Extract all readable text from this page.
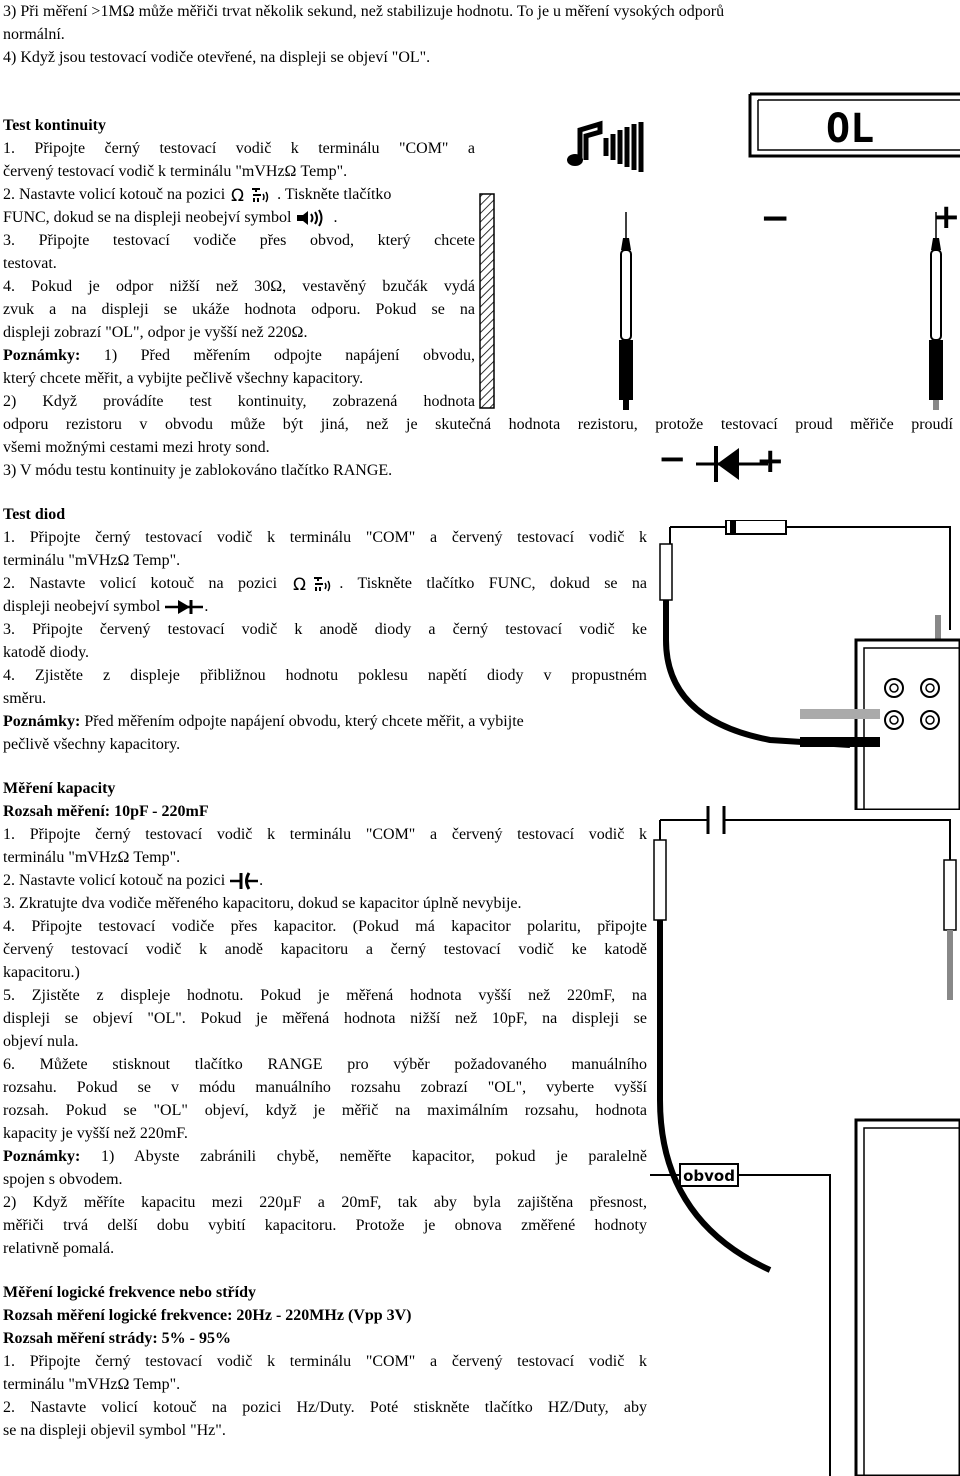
3) Při měření >1MΩ může měřiči trvat několik sekund, než stabilizuje hodnotu. To je u měření vysokých odporů
normální.
4) Když jsou testovací vodiče otevřené, na displeji se objeví "OL".
Test kontinuity
1. Připojte černý testovací vodič k terminálu "COM" a
červený testovací vodič k terminálu "mVHzΩ Temp".
2. Nastavte volicí kotouč na pozici Ω . Tiskněte tlačítko
FUNC, dokud se na displeji neobejví symbol	.
3. Připojte testovací vodiče přes obvod, který chcete
testovat.
4. Pokud je odpor nižší než 30Ω, vestavěný bzučák vydá
zvuk a na displeji se ukáže hodnota odporu. Pokud se na
displeji zobrazí "OL", odpor je vyšší než 220Ω.
Poznámky: 1) Před měřením odpojte napájení obvodu,
který chcete měřit, a vybijte pečlivě všechny kapacitory.
2) Když provádíte test kontinuity, zobrazená hodnota
odporu rezistoru v obvodu může být jiná, než je skutečná hodnota rezistoru, protože testovací proud měřiče proudí
všemi možnými cestami mezi hroty sond.
3) V módu testu kontinuity je zablokováno tlačítko RANGE.
Test diod
1. Připojte černý testovací vodič k terminálu "COM" a červený testovací vodič k
terminálu "mVHzΩ Temp".
2. Nastavte volicí kotouč na pozici Ω . Tiskněte tlačítko FUNC, dokud se na
displeji neobejví symbol	.
3. Připojte červený testovací vodič k anodě diody a černý testovací vodič ke
katodě diody.
4. Zjistěte z displeje přibližnou hodnotu poklesu napětí diody v propustném
směru.
Poznámky: Před měřením odpojte napájení obvodu, který chcete měřit, a vybijte
pečlivě všechny kapacitory.
Měření kapacity
Rozsah měření: 10pF - 220mF
1. Připojte černý testovací vodič k terminálu "COM" a červený testovací vodič k
terminálu "mVHzΩ Temp".
2. Nastavte volicí kotouč na pozici .
3. Zkratujte dva vodiče měřeného kapacitoru, dokud se kapacitor úplně nevybije.
4. Připojte testovací vodiče přes kapacitor. (Pokud má kapacitor polaritu, připojte
červený testovací vodič k anodě kapacitoru a černý testovací vodič ke katodě
kapacitoru.)
5. Zjistěte z displeje hodnotu. Pokud je měřená hodnota vyšší než 220mF, na
displeji se objeví "OL". Pokud je měřená hodnota nižší než 10pF, na displeji se
objeví nula.
6. Můžete stisknout tlačítko RANGE pro výběr požadovaného manuálního
rozsahu. Pokud se v módu manuálního rozsahu zobrazí "OL", vyberte vyšší
rozsah. Pokud se "OL" objeví, když je měřič na maximálním rozsahu, hodnota
kapacity je vyšší než 220mF.
Poznámky: 1) Abyste zabránili chybě, neměřte kapacitor, pokud je paralelně
spojen s obvodem.
2) Když měříte kapacitu mezi 220µF a 20mF, tak aby byla zajištěna přesnost,
měřiči trvá delší dobu vybití kapacitoru. Protože je obnova změřené hodnoty
relativně pomalá.
Měření logické frekvence nebo střídy
Rozsah měření logické frekvence: 20Hz - 220MHz (Vpp 3V)
Rozsah měření strády: 5% - 95%
1. Připojte černý testovací vodič k terminálu "COM" a červený testovací vodič k
terminálu "mVHzΩ Temp".
2. Nastavte volicí kotouč na pozici Hz/Duty. Poté stiskněte tlačítko HZ/Duty, aby
se na displeji objevil symbol "Hz".
OL
−	+
− +
obvod
